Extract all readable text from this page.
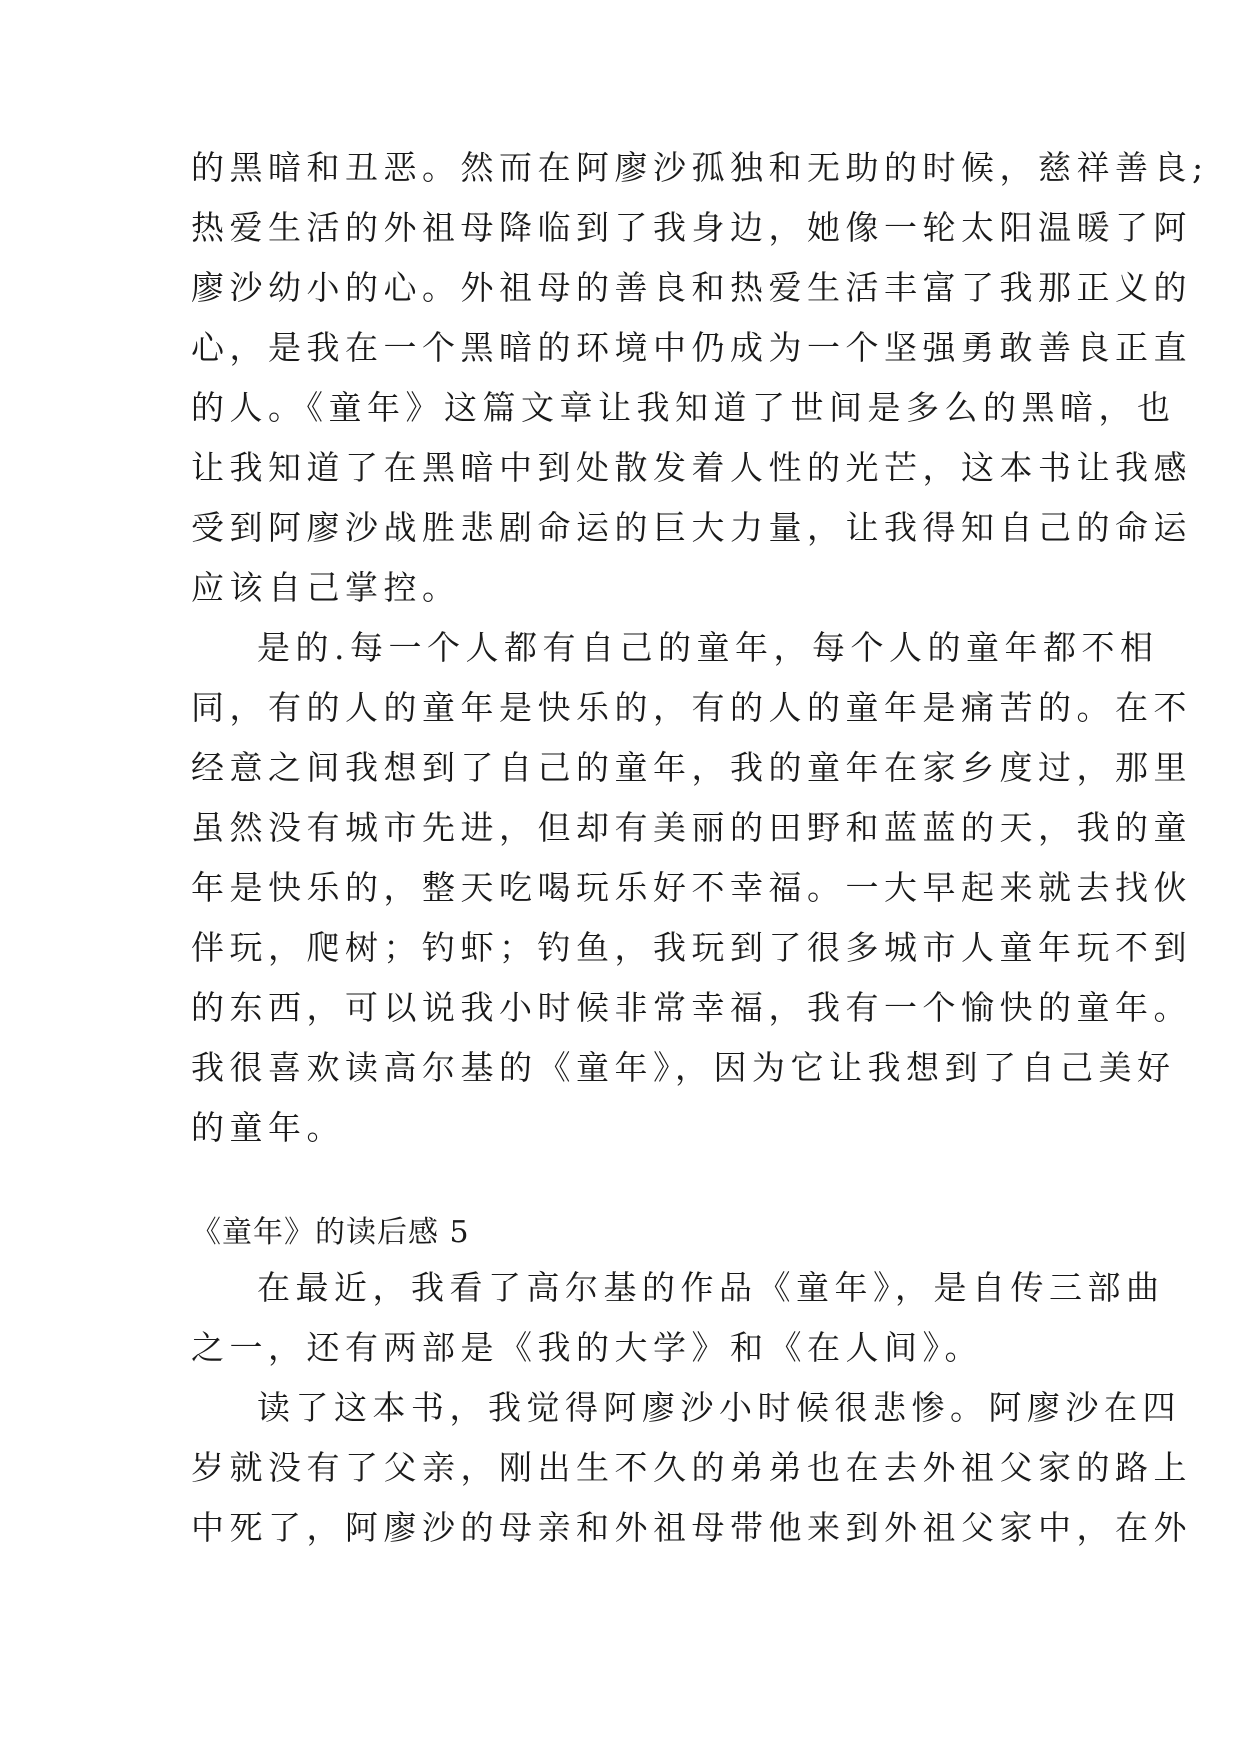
的黑暗和丑恶。然而在阿廖沙孤独和无助的时候，慈祥善良;
热爱生活的外祖母降临到了我身边，她像一轮太阳温暖了阿
廖沙幼小的心。外祖母的善良和热爱生活丰富了我那正义的
心，是我在一个黑暗的环境中仍成为一个坚强勇敢善良正直
的人。《童年》这篇文章让我知道了世间是多么的黑暗，也
让我知道了在黑暗中到处散发着人性的光芒，这本书让我感
受到阿廖沙战胜悲剧命运的巨大力量，让我得知自己的命运
应该自己掌控。
是的.每一个人都有自己的童年，每个人的童年都不相
同，有的人的童年是快乐的，有的人的童年是痛苦的。在不
经意之间我想到了自己的童年，我的童年在家乡度过，那里
虽然没有城市先进，但却有美丽的田野和蓝蓝的天，我的童
年是快乐的，整天吃喝玩乐好不幸福。一大早起来就去找伙
伴玩，爬树；钓虾；钓鱼，我玩到了很多城市人童年玩不到
的东西，可以说我小时候非常幸福，我有一个愉快的童年。
我很喜欢读高尔基的《童年》，因为它让我想到了自己美好
的童年。
《童年》的读后感 5
在最近，我看了高尔基的作品《童年》，是自传三部曲
之一，还有两部是《我的大学》和《在人间》。
读了这本书，我觉得阿廖沙小时候很悲惨。阿廖沙在四
岁就没有了父亲，刚出生不久的弟弟也在去外祖父家的路上
中死了，阿廖沙的母亲和外祖母带他来到外祖父家中，在外
